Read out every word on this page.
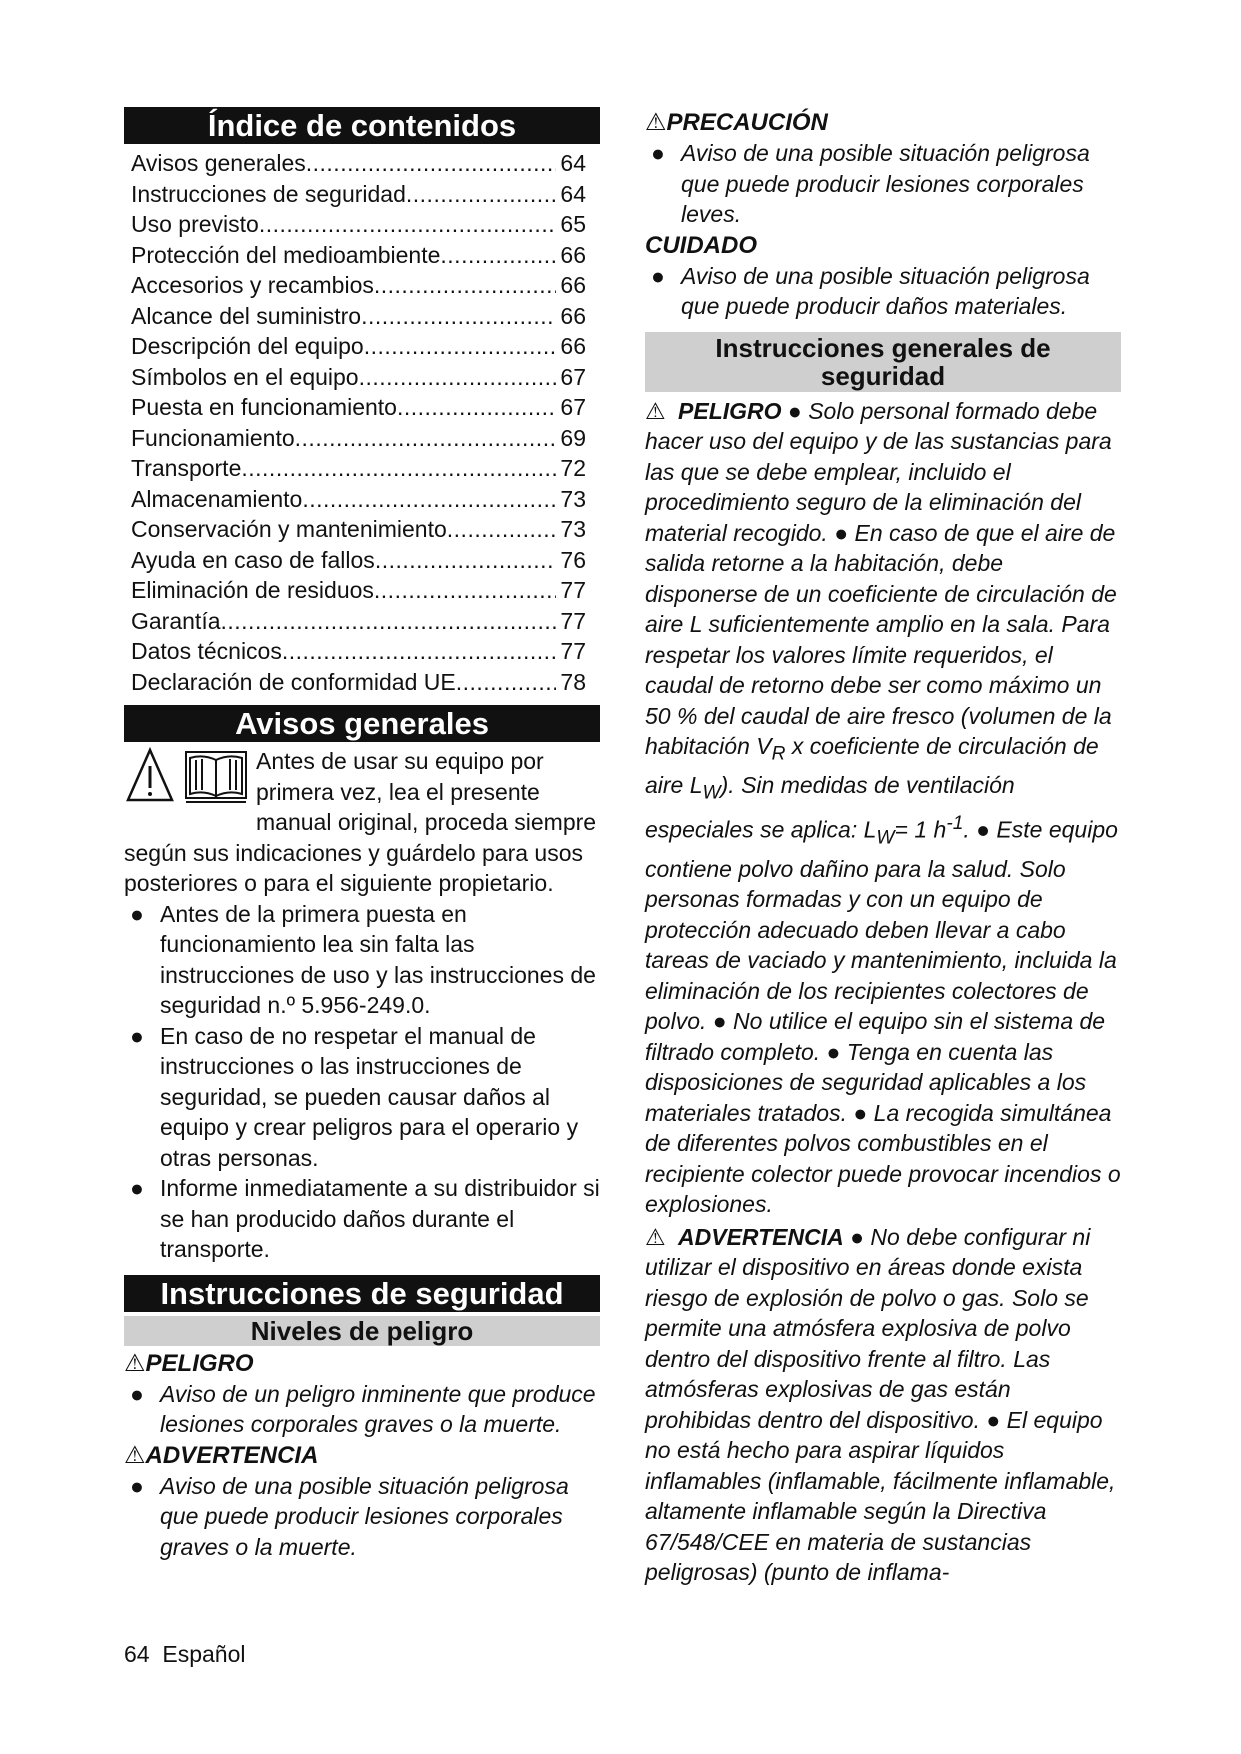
Índice de contenidos
Avisos generales .....	64
Instrucciones de seguridad .....	64
Uso previsto .....	65
Protección del medioambiente .....	66
Accesorios y recambios .....	66
Alcance del suministro .....	66
Descripción del equipo .....	66
Símbolos en el equipo .....	67
Puesta en funcionamiento .....	67
Funcionamiento .....	69
Transporte .....	72
Almacenamiento .....	73
Conservación y mantenimiento .....	73
Ayuda en caso de fallos .....	76
Eliminación de residuos .....	77
Garantía .....	77
Datos técnicos .....	77
Declaración de conformidad UE .....	78
Avisos generales

Antes de usar su equipo por primera vez, lea el presente manual original, proceda siempre según sus indicaciones y guárdelo para usos posteriores o para el siguiente propietario.

● Antes de la primera puesta en funcionamiento lea sin falta las instrucciones de uso y las instrucciones de seguridad n.º 5.956-249.0.
● En caso de no respetar el manual de instrucciones o las instrucciones de seguridad, se pueden causar daños al equipo y crear peligros para el operario y otras personas.
● Informe inmediatamente a su distribuidor si se han producido daños durante el transporte.
Instrucciones de seguridad
Niveles de peligro

⚠PELIGRO

● Aviso de un peligro inminente que produce lesiones corporales graves o la muerte.

⚠ADVERTENCIA

● Aviso de una posible situación peligrosa que puede producir lesiones corporales graves o la muerte.

⚠PRECAUCIÓN

● Aviso de una posible situación peligrosa que puede producir lesiones corporales leves.

CUIDADO

● Aviso de una posible situación peligrosa que puede producir daños materiales.
Instrucciones generales de seguridad

⚠ PELIGRO ● Solo personal formado debe hacer uso del equipo y de las sustancias para las que se debe emplear, incluido el procedimiento seguro de la eliminación del material recogido. ● En caso de que el aire de salida retorne a la habitación, debe disponerse de un coeficiente de circulación de aire L suficientemente amplio en la sala. Para respetar los valores límite requeridos, el caudal de retorno debe ser como máximo un 50 % del caudal de aire fresco (volumen de la habitación $V_R$ x coeficiente de circulación de aire $L_W$). Sin medidas de ventilación especiales se aplica: $L_W= 1$ $h^{-1}$. ● Este equipo contiene polvo dañino para la salud. Solo personas formadas y con un equipo de protección adecuado deben llevar a cabo tareas de vaciado y mantenimiento, incluida la eliminación de los recipientes colectores de polvo. ● No utilice el equipo sin el sistema de filtrado completo. ● Tenga en cuenta las disposiciones de seguridad aplicables a los materiales tratados. ● La recogida simultánea de diferentes polvos combustibles en el recipiente colector puede provocar incendios o explosiones.

⚠ ADVERTENCIA ● No debe configurar ni utilizar el dispositivo en áreas donde exista riesgo de explosión de polvo o gas. Solo se permite una atmósfera explosiva de polvo dentro del dispositivo frente al filtro. Las atmósferas explosivas de gas están prohibidas dentro del dispositivo. ● El equipo no está hecho para aspirar líquidos inflamables (inflamable, fácilmente inflamable, altamente inflamable según la Directiva 67/548/CEE en materia de sustancias peligrosas) (punto de inflama-

64 Español
